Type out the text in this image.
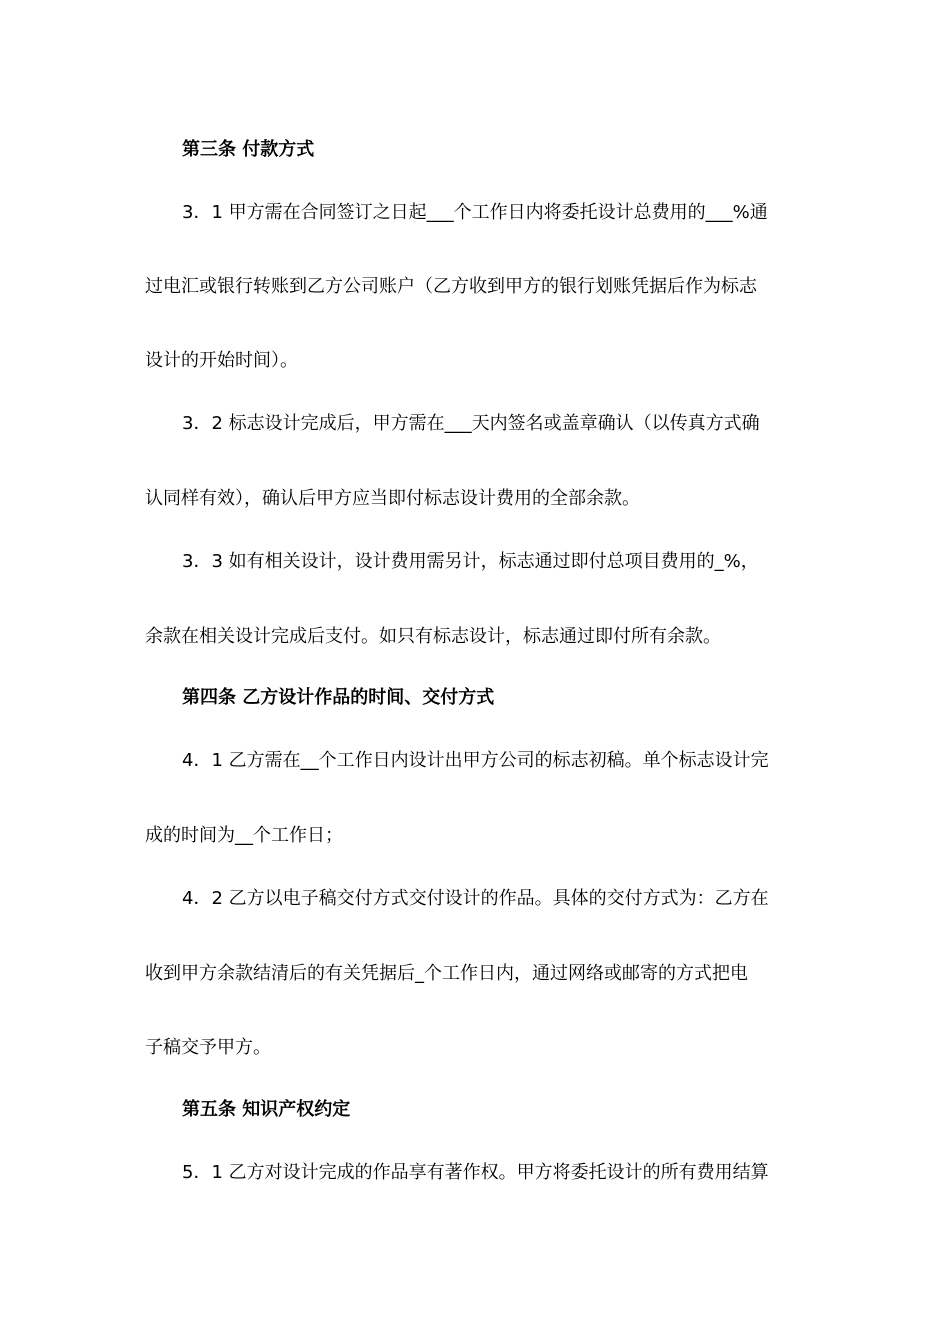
第三条 付款方式
3．1 甲方需在合同签订之日起___个工作日内将委托设计总费用的___%通
过电汇或银行转账到乙方公司账户（乙方收到甲方的银行划账凭据后作为标志
设计的开始时间）。
3．2 标志设计完成后，甲方需在___天内签名或盖章确认（以传真方式确
认同样有效），确认后甲方应当即付标志设计费用的全部余款。
3．3 如有相关设计，设计费用需另计，标志通过即付总项目费用的_%，
余款在相关设计完成后支付。如只有标志设计，标志通过即付所有余款。
第四条 乙方设计作品的时间、交付方式
4．1 乙方需在__个工作日内设计出甲方公司的标志初稿。单个标志设计完
成的时间为__个工作日；
4．2 乙方以电子稿交付方式交付设计的作品。具体的交付方式为：乙方在
收到甲方余款结清后的有关凭据后_个工作日内，通过网络或邮寄的方式把电
子稿交予甲方。
第五条 知识产权约定
5．1 乙方对设计完成的作品享有著作权。甲方将委托设计的所有费用结算
